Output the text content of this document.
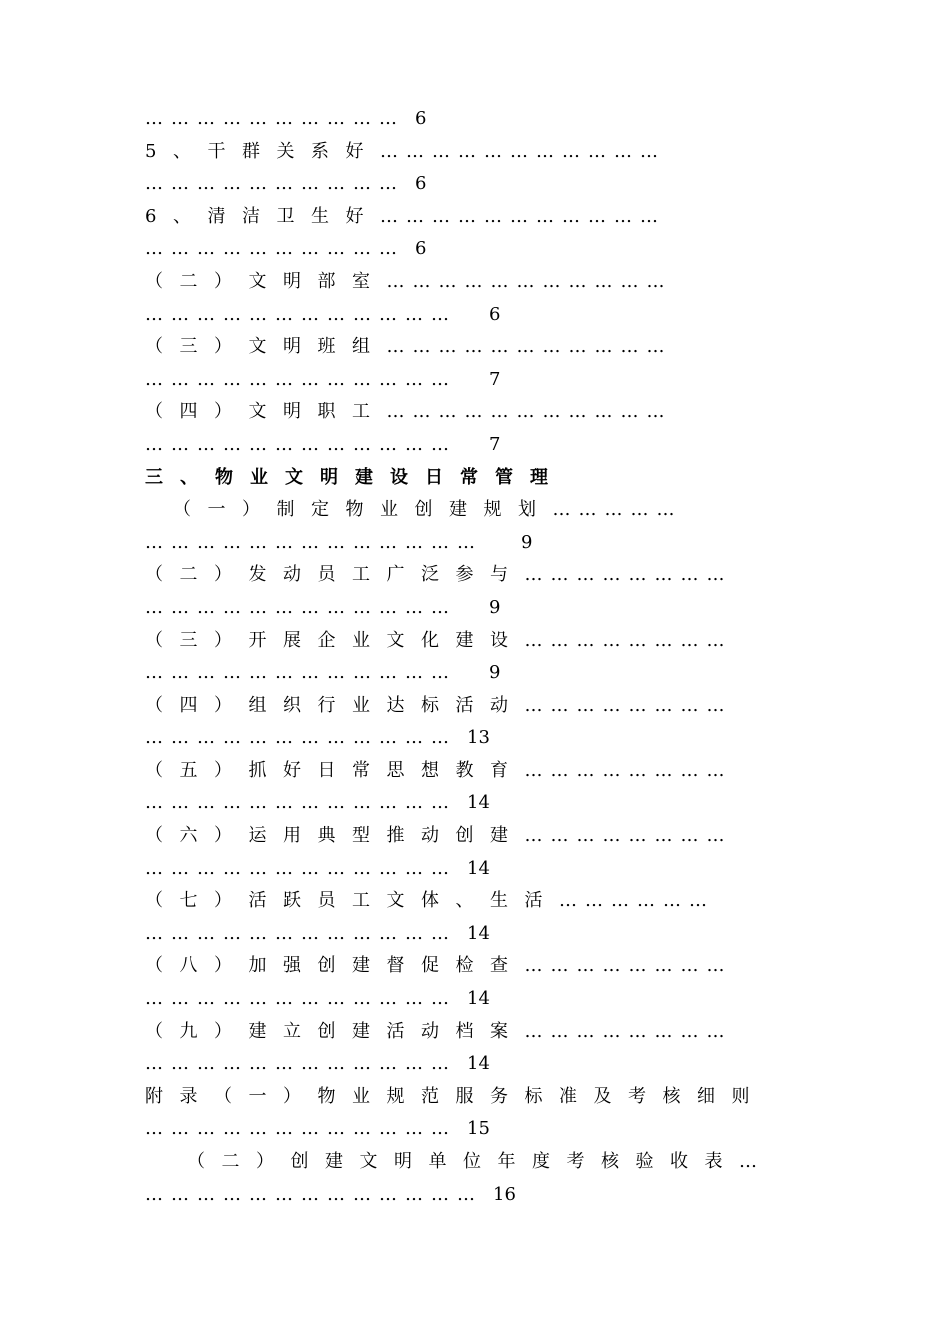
………………………… 6
5、干群关系好……………………………
………………………… 6
6、清洁卫生好……………………………
………………………… 6
（二）文明部室……………………………
……………………………… 6
（三）文明班组……………………………
……………………………… 7
（四）文明职工……………………………
……………………………… 7
三、物业文明建设日常管理
（一）制定物业创建规划……………
………………………………… 9
（二）发动员工广泛参与……………………
……………………………… 9
（三）开展企业文化建设……………………
……………………………… 9
（四）组织行业达标活动……………………
……………………………… 13
（五）抓好日常思想教育……………………
……………………………… 14
（六）运用典型推动创建……………………
……………………………… 14
（七）活跃员工文体、生活………………
……………………………… 14
（八）加强创建督促检查……………………
……………………………… 14
（九）建立创建活动档案……………………
……………………………… 14
附录（一）物业规范服务标准及考核细则
……………………………… 15
（二）创建文明单位年度考核验收表…
………………………………… 16
